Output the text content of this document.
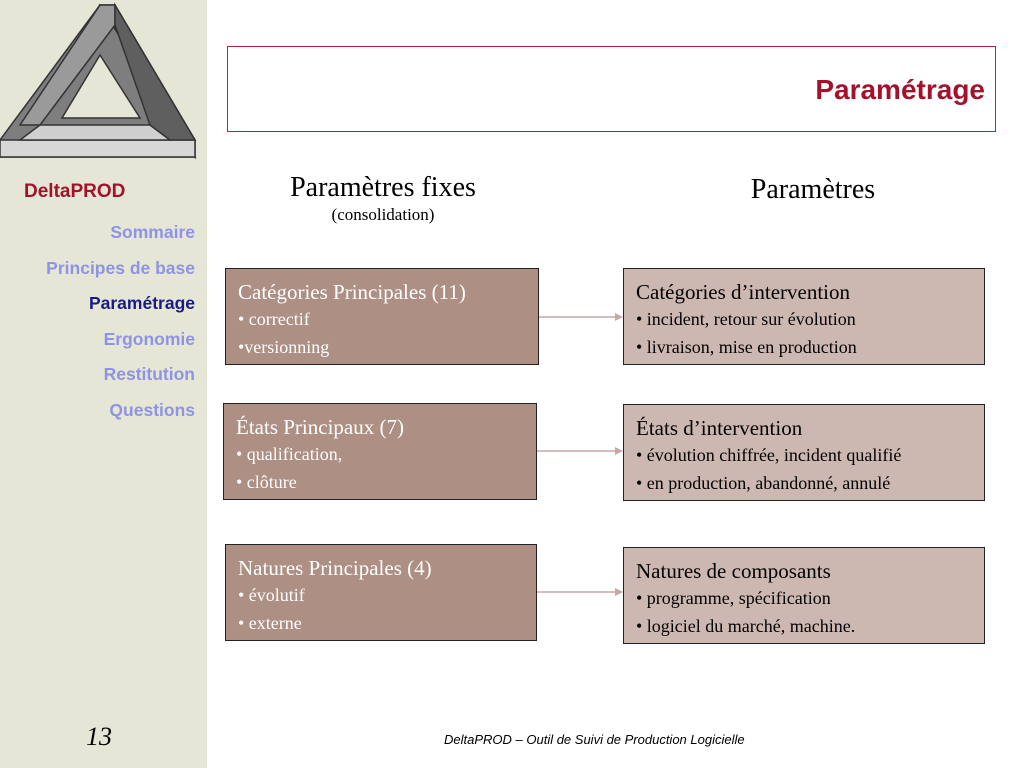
DeltaPROD
Sommaire
Principes de base
Paramétrage
Ergonomie
Restitution
Questions
13
Paramétrage
Paramètres fixes
(consolidation)
Paramètres
Catégories Principales (11)
• correctif
•versionning
Catégories d’intervention
• incident, retour sur évolution
• livraison, mise en production
États Principaux (7)
• qualification,
• clôture
États d’intervention
• évolution chiffrée, incident qualifié
• en production, abandonné, annulé
Natures Principales (4)
• évolutif
• externe
Natures de composants
• programme, spécification
• logiciel du marché, machine.
DeltaPROD – Outil de Suivi de Production Logicielle
